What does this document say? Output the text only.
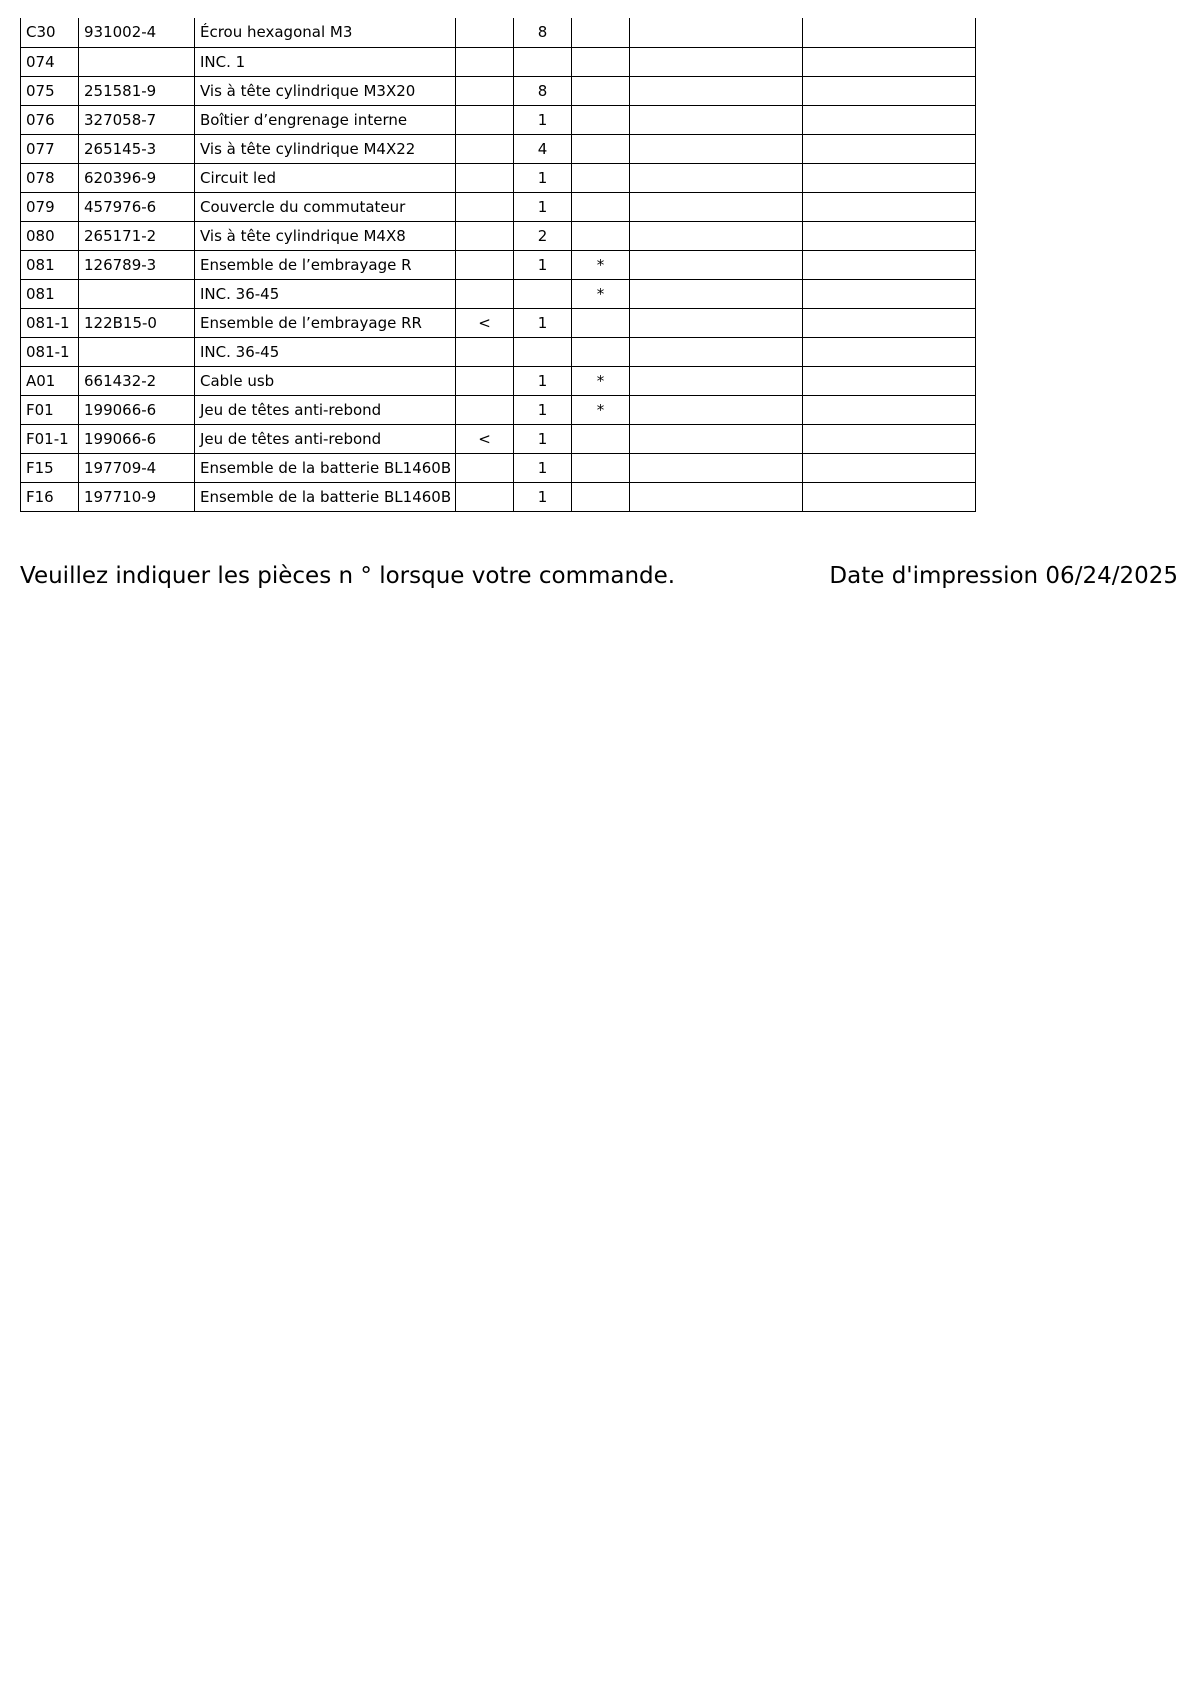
C30	931002-4	Écrou hexagonal M3		8			
074		INC. 1					
075	251581-9	Vis à tête cylindrique M3X20		8			
076	327058-7	Boîtier d’engrenage interne		1			
077	265145-3	Vis à tête cylindrique M4X22		4			
078	620396-9	Circuit led		1			
079	457976-6	Couvercle du commutateur		1			
080	265171-2	Vis à tête cylindrique M4X8		2			
081	126789-3	Ensemble de l’embrayage R		1	*		
081		INC. 36-45			*		
081-1	122B15-0	Ensemble de l’embrayage RR	<	1			
081-1		INC. 36-45					
A01	661432-2	Cable usb		1	*		
F01	199066-6	Jeu de têtes anti-rebond		1	*		
F01-1	199066-6	Jeu de têtes anti-rebond	<	1			
F15	197709-4	Ensemble de la batterie BL1460B		1			
F16	197710-9	Ensemble de la batterie BL1460B		1			
Veuillez indiquer les pièces n ° lorsque votre commande.	Date d'impression 06/24/2025
